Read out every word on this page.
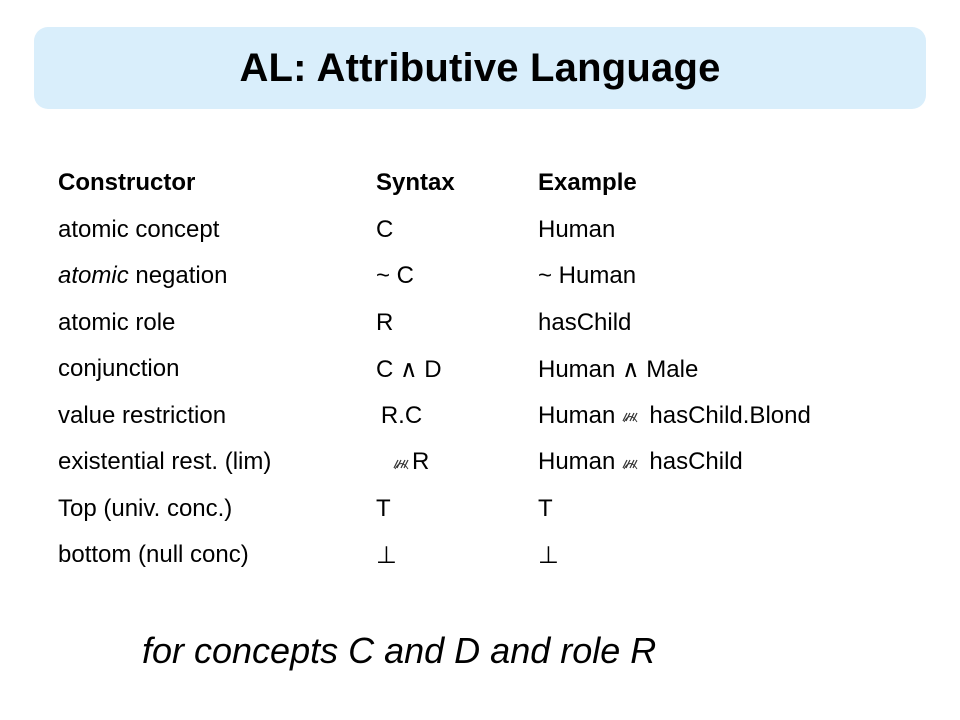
AL: Attributive Language
Constructor	Syntax	Example
atomic concept	C	Human
atomic negation	~ C	~ Human
atomic role	R	hasChild
conjunction	C ∧ D	Human ∧ Male
value restriction	 R.C	Human hasChild.Blond
existential rest. (lim)	R	Human hasChild
Top (univ. conc.)	T	T
bottom (null conc)	⊥	⊥
for concepts C and D and role R
